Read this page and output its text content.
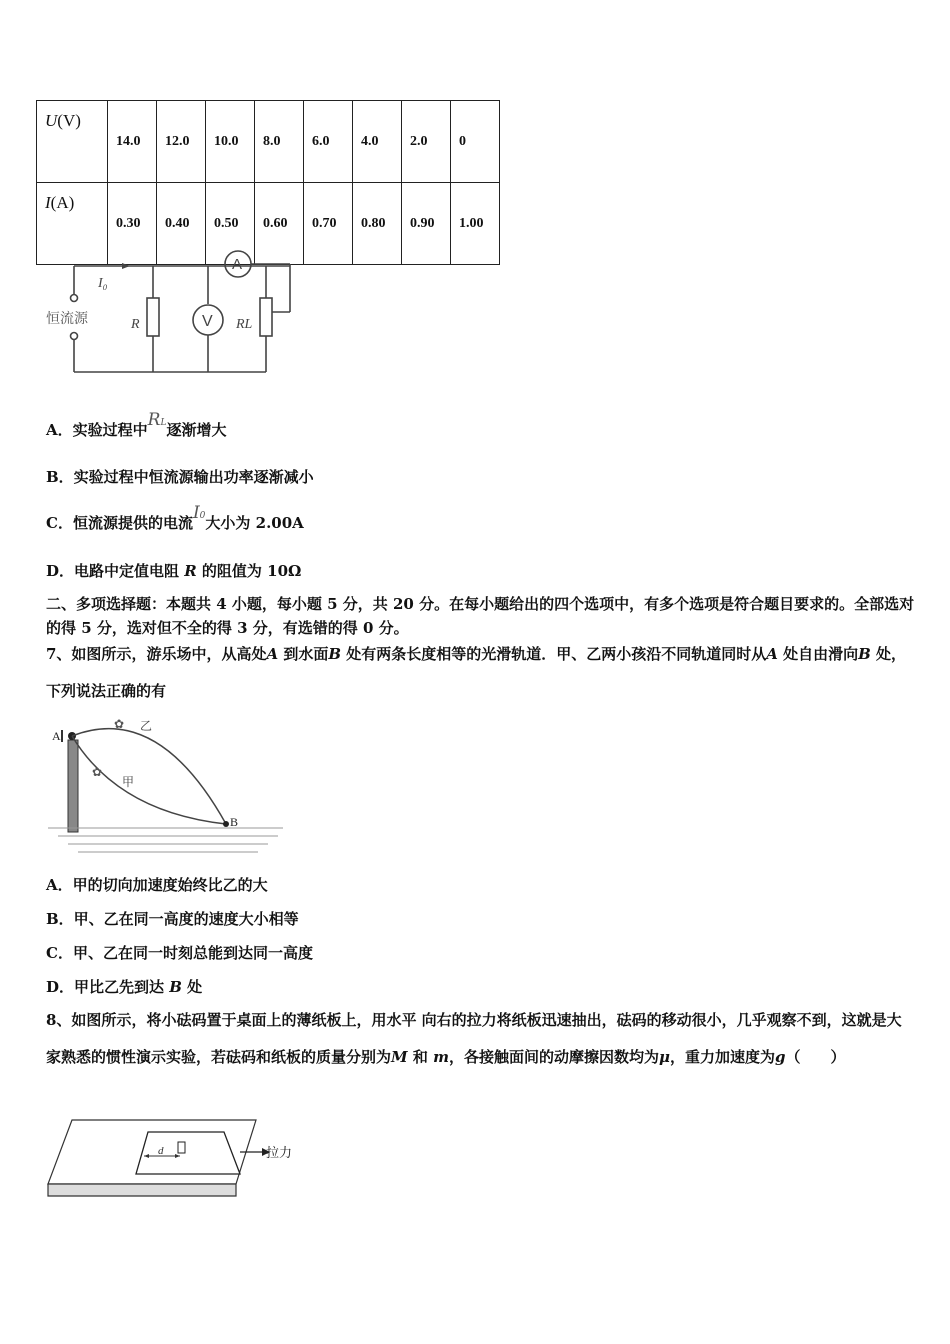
U(V)	14.0	12.0	10.0	8.0	6.0	4.0	2.0	0
I(A)	0.30	0.40	0.50	0.60	0.70	0.80	0.90	1.00
I₀
恒流源	R	V
A
RL
A．实验过程中RL逐渐增大
B．实验过程中恒流源输出功率逐渐减小
C．恒流源提供的电流I0大小为 2.00A
D．电路中定值电阻 R 的阻值为 10Ω
二、多项选择题：本题共 4 小题，每小题 5 分，共 20 分。在每小题给出的四个选项中，有多个选项是符合题目要求的。全部选对的得 5 分，选对但不全的得 3 分，有选错的得 0 分。
7、如图所示，游乐场中，从高处A 到水面B 处有两条长度相等的光滑轨道．甲、乙两小孩沿不同轨道同时从A 处自由滑向B 处，下列说法正确的有
A
B
乙
甲
✿
✿
A．甲的切向加速度始终比乙的大
B．甲、乙在同一高度的速度大小相等
C．甲、乙在同一时刻总能到达同一高度
D．甲比乙先到达 B 处
8、如图所示，将小砝码置于桌面上的薄纸板上，用水平 向右的拉力将纸板迅速抽出，砝码的移动很小，几乎观察不到，这就是大家熟悉的惯性演示实验，若砝码和纸板的质量分别为M 和 m，各接触面间的动摩擦因数均为μ，重力加速度为g（　　）
d	拉力
